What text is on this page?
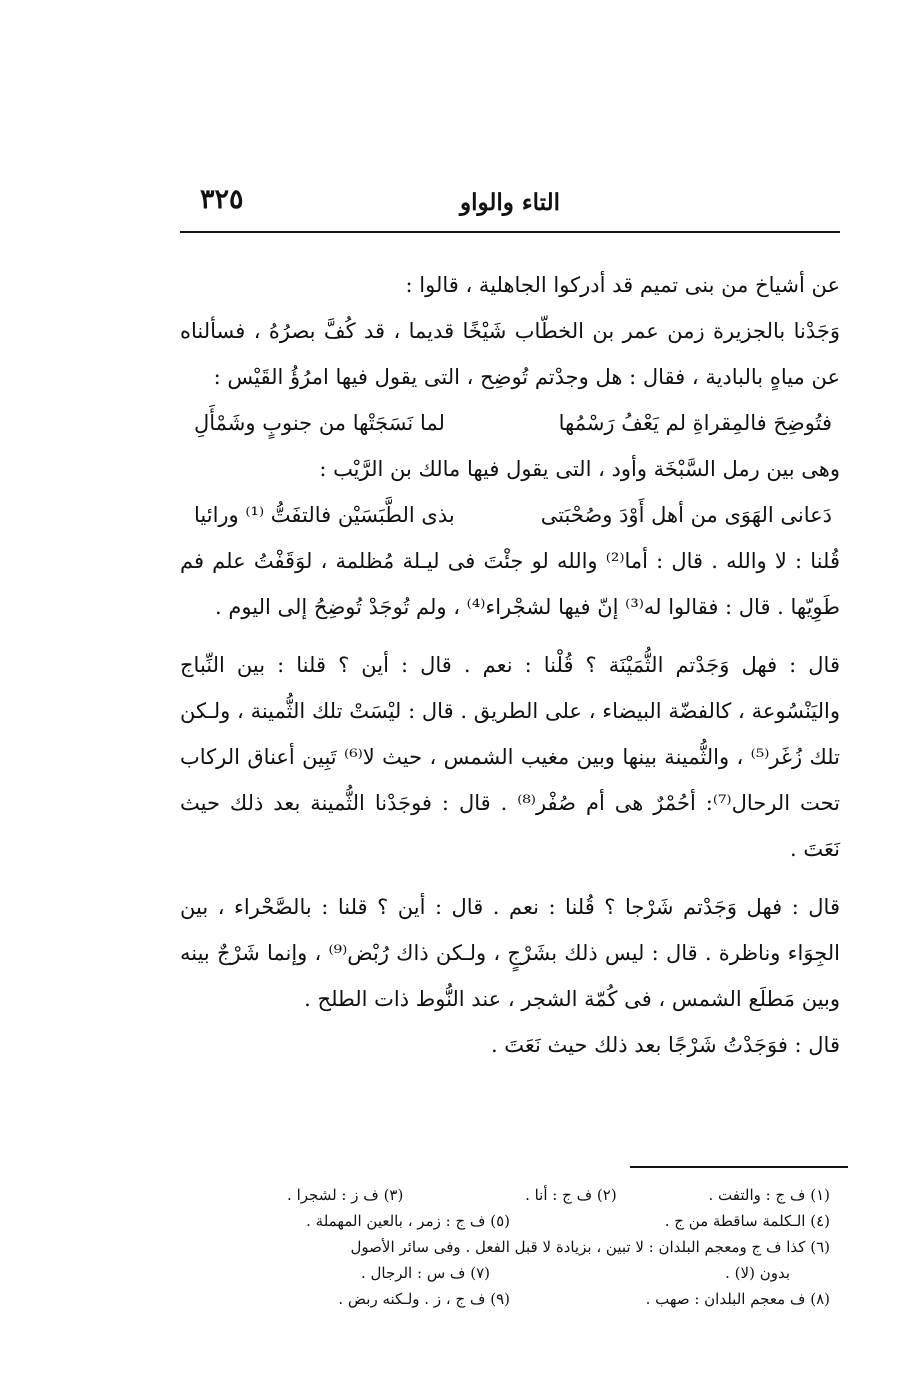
٣٢٥	التاء والواو

عن أشياخ من بنى تميم قد أدركوا الجاهلية ، قالوا :

وَجَدْنا بالجزيرة زمن عمر بن الخطّاب شَيْخًا قديما ، قد كُفَّ بصرُهُ ، فسألناه عن مياهٍ بالبادية ، فقال : هل وجدْتم تُوضِح ، التى يقول فيها امرُؤُ القَيْس :

فتُوضِحَ فالمِقراةِ لم يَعْفُ رَسْمُها
لما نَسَجَتْها من جنوبٍ وشَمْأَلِ

وهى بين رمل السَّبْخَة وأود ، التى يقول فيها مالك بن الرَّيْب :

دَعانى الهَوَى من أهل أَوْدَ وصُحْبَتى
بذى الطَّبَسَيْن فالتفَتُّ ⁽¹⁾ ورائيا

قُلنا : لا والله . قال : أما⁽²⁾ والله لو جئْتَ فى ليـلة مُظلمة ، لوَقَفْتُ علم فم طَوِيّها . قال : فقالوا له⁽³⁾ إنّ فيها لشجْراء⁽⁴⁾ ، ولم تُوجَدْ تُوضِحُ إلى اليوم .

قال : فهل وَجَدْتم الثُّمَيْنَة ؟ قُلْنا : نعم . قال : أين ؟ قلنا : بين النِّباج واليَنْسُوعة ، كالفضّة البيضاء ، على الطريق . قال : ليْسَتْ تلك الثُّمينة ، ولـكن تلك زُغَر⁽⁵⁾ ، والثُّمينة بينها وبين مغيب الشمس ، حيث لا⁽⁶⁾ تَبِين أعناق الركاب تحت الرحال⁽⁷⁾: أحُمْرٌ هى أم صُفْر⁽⁸⁾ . قال : فوجَدْنا الثُّمينة بعد ذلك حيث نَعَتَ .

قال : فهل وَجَدْتم شَرْجا ؟ قُلنا : نعم . قال : أين ؟ قلنا : بالصَّحْراء ، بين الجِوَاء وناظرة . قال : ليس ذلك بشَرْجٍ ، ولـكن ذاك رُبْض⁽⁹⁾ ، وإنما شَرْجٌ بينه وبين مَطلَع الشمس ، فى كُمّة الشجر ، عند النُّوط ذات الطلح .

قال : فوَجَدْتُ شَرْجًا بعد ذلك حيث نَعَتَ .

(١) ف ج : والتفت .
(٢) ف ج : أنا .
(٣) ف ز : لشجرا .
(٤) الـكلمة ساقطة من ج .
(٥) ف ج : زمر ، بالعين المهملة .
(٦) كذا ف ج ومعجم البلدان : لا تبين ، بزيادة لا قبل الفعل . وفى سائر الأصول
بدون (لا) .
(٧) ف س : الرجال .
(٨) ف معجم البلدان : صهب .
(٩) ف ج ، ز . ولـكنه ربض .
